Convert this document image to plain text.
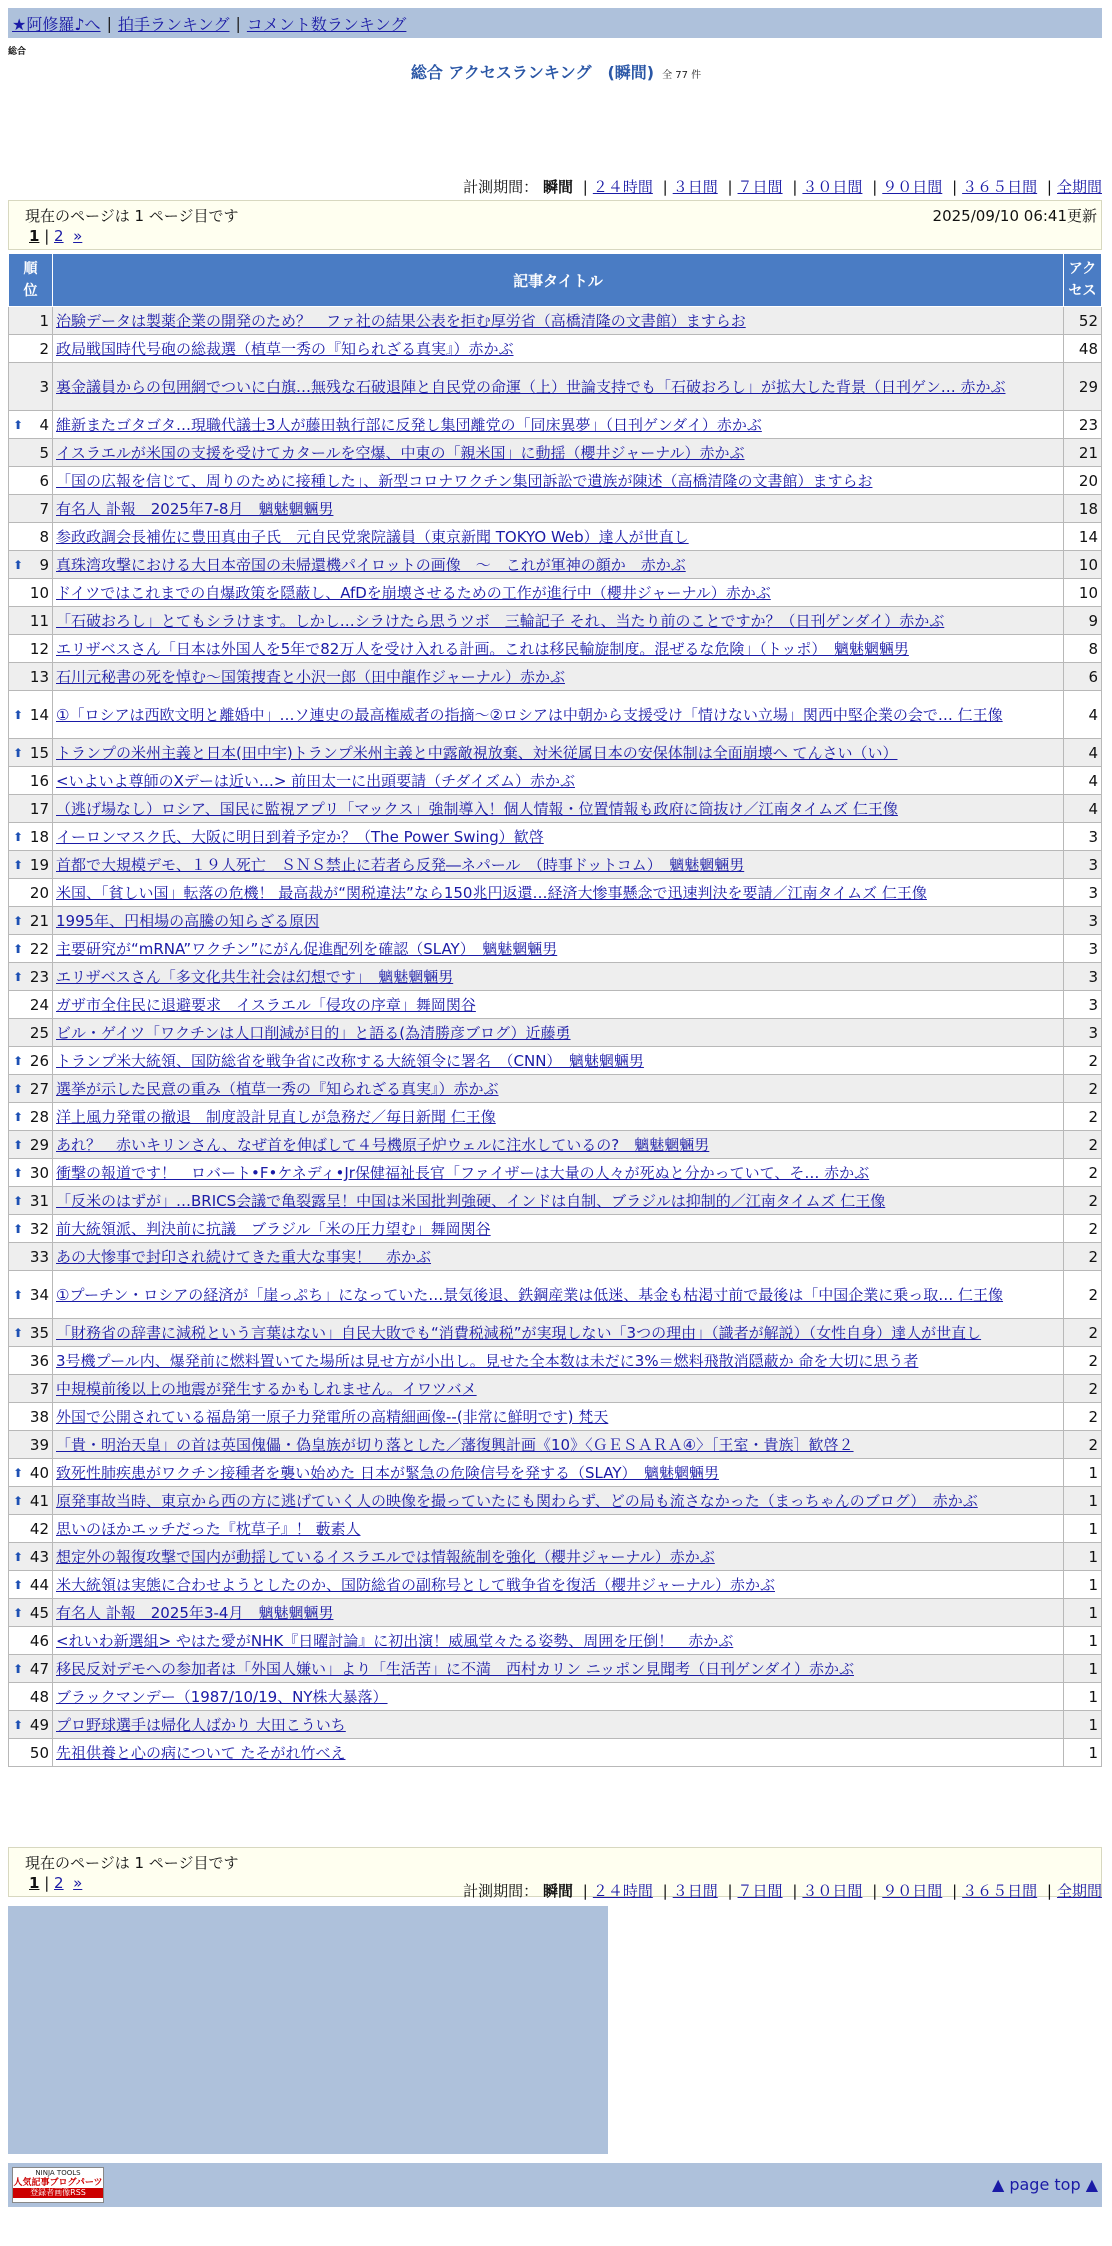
★阿修羅♪へ | 拍手ランキング | コメント数ランキング
総合
総合 アクセスランキング　(瞬間) 全 77 件
計測期間： 瞬間 | ２４時間 | ３日間 | ７日間 | ３０日間 | ９０日間 | ３６５日間 | 全期間
現在のページは 1 ページ目です	2025/09/10 06:41更新
1 | 2 »
順位	記事タイトル	アクセス
1	治験データは製薬企業の開発のため？　ファ社の結果公表を拒む厚労省（高橋清隆の文書館）ますらお	52
2	政局戦国時代号砲の総裁選（植草一秀の『知られざる真実』）赤かぶ	48
3	裏金議員からの包囲網でついに白旗…無残な石破退陣と自民党の命運（上）世論支持でも「石破おろし」が拡大した背景（日刊ゲン… 赤かぶ	29

⬆ 4	維新またゴタゴタ…現職代議士3人が藤田執行部に反発し集団離党の「同床異夢」（日刊ゲンダイ）赤かぶ	23
5	イスラエルが米国の支援を受けてカタールを空爆、中東の「親米国」に動揺（櫻井ジャーナル）赤かぶ	21
6	「国の広報を信じて、周りのために接種した」、新型コロナワクチン集団訴訟で遺族が陳述（高橋清隆の文書館）ますらお	20
7	有名人 訃報　2025年7-8月　魑魅魍魎男	18
8	参政政調会長補佐に豊田真由子氏　元自民党衆院議員（東京新聞 TOKYO Web）達人が世直し	14

⬆ 9	真珠湾攻撃における大日本帝国の未帰還機パイロットの画像　～　これが軍神の顔か　赤かぶ	10
10	ドイツではこれまでの自爆政策を隠蔽し、AfDを崩壊させるための工作が進行中（櫻井ジャーナル）赤かぶ	10
11	「石破おろし」とてもシラけます。しかし…シラけたら思うツボ　三輪記子 それ、当たり前のことですか？（日刊ゲンダイ）赤かぶ	9
12	エリザベスさん「日本は外国人を5年で82万人を受け入れる計画。これは移民輸旋制度。混ぜるな危険」（トッポ）　魑魅魍魎男	8
13	石川元秘書の死を悼む〜国策捜査と小沢一郎（田中龍作ジャーナル）赤かぶ	6

⬆ 14	①「ロシアは西欧文明と離婚中」…ソ連史の最高権威者の指摘～②ロシアは中朝から支援受け「情けない立場」関西中堅企業の会で… 仁王像	4

⬆ 15	トランプの米州主義と日本(田中宇)トランプ米州主義と中露敵視放棄、対米従属日本の安保体制は全面崩壊へ てんさい（い）	4
16	<いよいよ尊師のXデーは近い…> 前田太一に出頭要請（チダイズム）赤かぶ	4
17	（逃げ場なし）ロシア、国民に監視アプリ「マックス」強制導入！個人情報・位置情報も政府に筒抜け／江南タイムズ 仁王像	4

⬆ 18	イーロンマスク氏、大阪に明日到着予定か？（The Power Swing）歓啓	3

⬆ 19	首都で大規模デモ、１９人死亡　ＳＮＳ禁止に若者ら反発―ネパール　（時事ドットコム）　魑魅魍魎男	3
20	米国、「貧しい国」転落の危機！ 最高裁が“関税違法”なら150兆円返還…経済大惨事懸念で迅速判決を要請／江南タイムズ 仁王像	3

⬆ 21	1995年、円相場の高騰の知らざる原因	3

⬆ 22	主要研究が“mRNA”ワクチン”にがん促進配列を確認（SLAY）　魑魅魍魎男	3

⬆ 23	エリザベスさん「多文化共生社会は幻想です」　魑魅魍魎男	3
24	ガザ市全住民に退避要求　イスラエル「侵攻の序章」舞岡関谷	3
25	ビル・ゲイツ「ワクチンは人口削減が目的」と語る(為清勝彦ブログ）近藤勇	3

⬆ 26	トランプ米大統領、国防総省を戦争省に改称する大統領令に署名　（CNN）　魑魅魍魎男	2

⬆ 27	選挙が示した民意の重み（植草一秀の『知られざる真実』）赤かぶ	2

⬆ 28	洋上風力発電の撤退　制度設計見直しが急務だ／毎日新聞 仁王像	2

⬆ 29	あれ？　赤いキリンさん、なぜ首を伸ばして４号機原子炉ウェルに注水しているの?　魑魅魍魎男	2

⬆ 30	衝撃の報道です！　ロバート•F•ケネディ•Jr保健福祉長官「ファイザーは大量の人々が死ぬと分かっていて、そ… 赤かぶ	2

⬆ 31	「反米のはずが」…BRICS会議で亀裂露呈！中国は米国批判強硬、インドは自制、ブラジルは抑制的／江南タイムズ 仁王像	2

⬆ 32	前大統領派、判決前に抗議　ブラジル「米の圧力望む」舞岡関谷	2
33	あの大惨事で封印され続けてきた重大な事実！　赤かぶ	2

⬆ 34	①プーチン・ロシアの経済が「崖っぷち」になっていた…景気後退、鉄鋼産業は低迷、基金も枯渇寸前で最後は「中国企業に乗っ取… 仁王像	2

⬆ 35	「財務省の辞書に減税という言葉はない」自民大敗でも“消費税減税”が実現しない「3つの理由」（識者が解説）（女性自身）達人が世直し	2
36	3号機プール内、爆発前に燃料置いてた場所は見せ方が小出し。見せた全本数は未だに3%＝燃料飛散消隠蔽か 命を大切に思う者	2
37	中規模前後以上の地震が発生するかもしれません。イワツバメ	2
38	外国で公開されている福島第一原子力発電所の高精細画像--(非常に鮮明です) 梵天	2
39	「貴・明治天皇」の首は英国傀儡・偽皇族が切り落とした／藩復興計画《10》〈ＧＥＳＡＲＡ④〉［王室・貴族］歓啓２	2

⬆ 40	致死性肺疾患がワクチン接種者を襲い始めた 日本が緊急の危険信号を発する（SLAY）　魑魅魍魎男	1

⬆ 41	原発事故当時、東京から西の方に逃げていく人の映像を撮っていたにも関わらず、どの局も流さなかった（まっちゃんのブログ）　赤かぶ	1
42	思いのほかエッチだった『枕草子』！ 藪素人	1

⬆ 43	想定外の報復攻撃で国内が動揺しているイスラエルでは情報統制を強化（櫻井ジャーナル）赤かぶ	1

⬆ 44	米大統領は実態に合わせようとしたのか、国防総省の副称号として戦争省を復活（櫻井ジャーナル）赤かぶ	1

⬆ 45	有名人 訃報　2025年3-4月　魑魅魍魎男	1
46	<れいわ新選組> やはた愛がNHK『日曜討論』に初出演！威風堂々たる姿勢、周囲を圧倒！　赤かぶ	1

⬆ 47	移民反対デモへの参加者は「外国人嫌い」より「生活苦」に不満　西村カリン ニッポン見聞考（日刊ゲンダイ）赤かぶ	1
48	ブラックマンデー（1987/10/19、NY株大暴落）	1

⬆ 49	プロ野球選手は帰化人ばかり 大田こういち	1
50	先祖供養と心の病について たそがれ竹べえ	1
現在のページは 1 ページ目です
1 | 2 »	計測期間： 瞬間 | ２４時間 | ３日間 | ７日間 | ３０日間 | ９０日間 | ３６５日間 | 全期間
NINJA TOOLS
人気記事ブログパーツ
登録者画像RSS	▲ page top ▲
